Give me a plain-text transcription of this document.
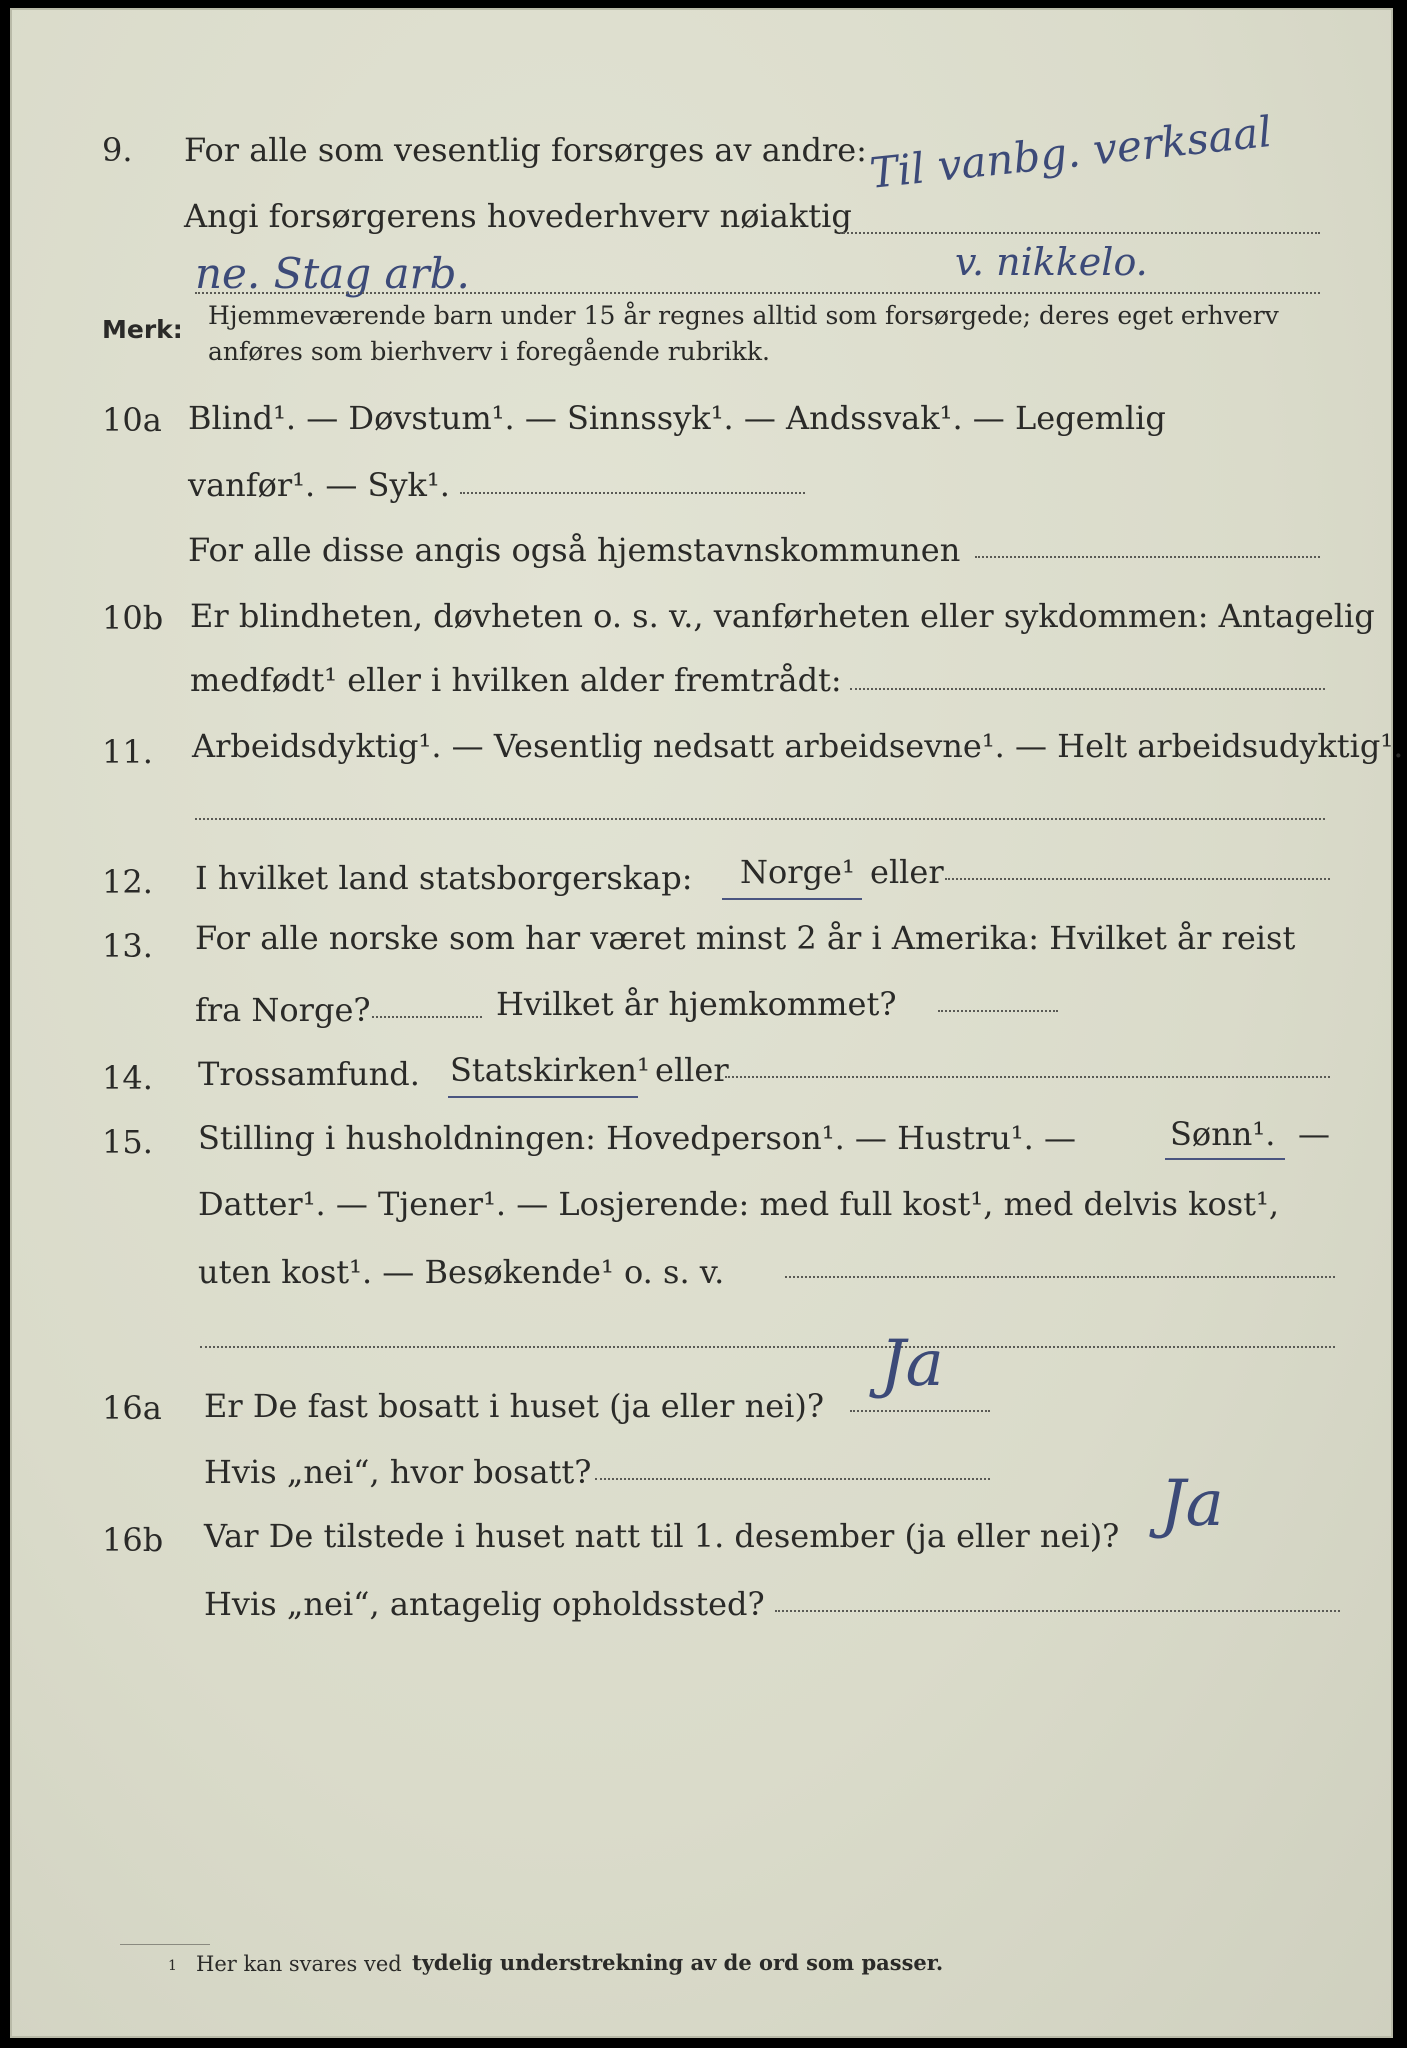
9. For alle som vesentlig forsørges av andre: Til vanbg. verksaal
Angi forsørgerens hovederhverv nøiaktig
ne. Stag arb.	v. nikkelo.
Merk: Hjemmeværende barn under 15 år regnes alltid som forsørgede; deres eget erhverv
anføres som bierhverv i foregående rubrikk.
10a Blind¹. — Døvstum¹. — Sinnssyk¹. — Andssvak¹. — Legemlig
vanfør¹. — Syk¹.
For alle disse angis også hjemstavnskommunen
10b Er blindheten, døvheten o. s. v., vanførheten eller sykdommen: Antagelig
medfødt¹ eller i hvilken alder fremtrådt:
11. Arbeidsdyktig¹. — Vesentlig nedsatt arbeidsevne¹. — Helt arbeidsudyktig¹.
12. I hvilket land statsborgerskap: Norge¹ eller
13. For alle norske som har været minst 2 år i Amerika: Hvilket år reist
fra Norge?	Hvilket år hjemkommet?
14. Trossamfund. Statskirken¹ eller
15. Stilling i husholdningen: Hovedperson¹. — Hustru¹. —	Sønn¹. —
Datter¹. — Tjener¹. — Losjerende: med full kost¹, med delvis kost¹,
uten kost¹. — Besøkende¹ o. s. v.
16a Er De fast bosatt i huset (ja eller nei)?
Ja
Hvis „nei“, hvor bosatt?
16b Var De tilstede i huset natt til 1. desember (ja eller nei)? Ja
Hvis „nei“, antagelig opholdssted?
1 Her kan svares ved tydelig understrekning av de ord som passer.
